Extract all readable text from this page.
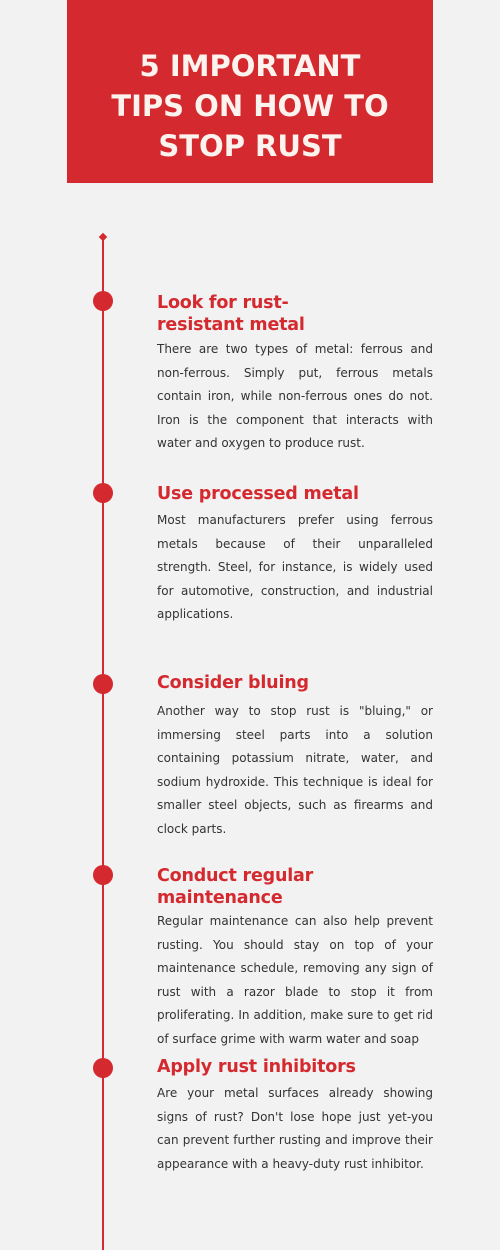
5 IMPORTANT
TIPS ON HOW TO
STOP RUST
Look for rust-
resistant metal

There are two types of metal: ferrous and non-ferrous. Simply put, ferrous metals contain iron, while non-ferrous ones do not. Iron is the component that interacts with water and oxygen to produce rust.

Use processed metal

Most manufacturers prefer using ferrous metals because of their unparalleled strength. Steel, for instance, is widely used for automotive, construction, and industrial applications.

Consider bluing

Another way to stop rust is "bluing," or immersing steel parts into a solution containing potassium nitrate, water, and sodium hydroxide. This technique is ideal for smaller steel objects, such as firearms and clock parts.

Conduct regular
maintenance

Regular maintenance can also help prevent rusting. You should stay on top of your maintenance schedule, removing any sign of rust with a razor blade to stop it from proliferating. In addition, make sure to get rid of surface grime with warm water and soap

Apply rust inhibitors

Are your metal surfaces already showing signs of rust? Don't lose hope just yet-you can prevent further rusting and improve their appearance with a heavy-duty rust inhibitor.
